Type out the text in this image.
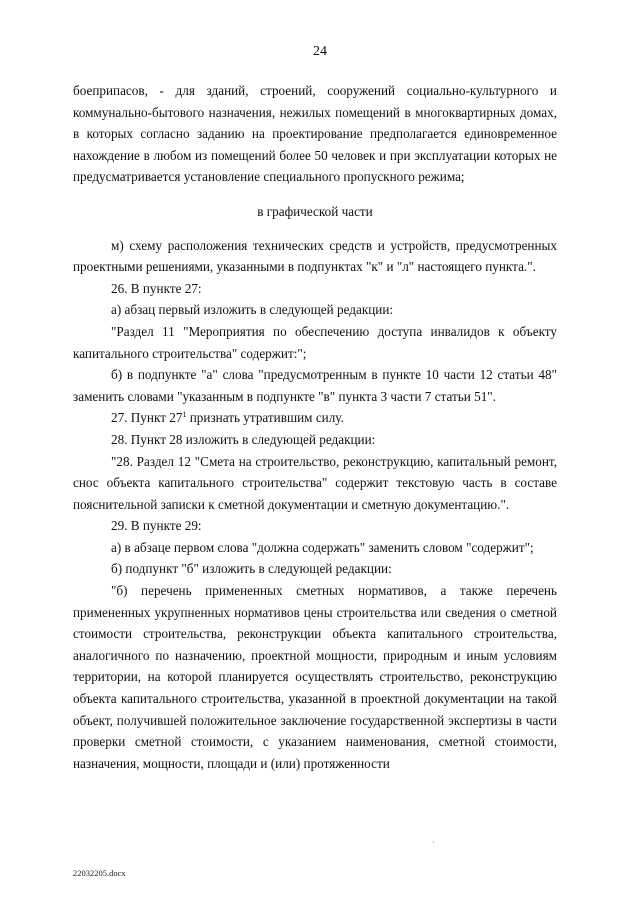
24

боеприпасов, - для зданий, строений, сооружений социально-культурного и коммунально-бытового назначения, нежилых помещений в многоквартирных домах, в которых согласно заданию на проектирование предполагается единовременное нахождение в любом из помещений более 50 человек и при эксплуатации которых не предусматривается установление специального пропускного режима;

в графической части

м) схему расположения технических средств и устройств, предусмотренных проектными решениями, указанными в подпунктах "к" и "л" настоящего пункта.".

26. В пункте 27:

а) абзац первый изложить в следующей редакции:

"Раздел 11 "Мероприятия по обеспечению доступа инвалидов к объекту капитального строительства" содержит:";

б) в подпункте "а" слова "предусмотренным в пункте 10 части 12 статьи 48" заменить словами "указанным в подпункте "в" пункта 3 части 7 статьи 51".

27. Пункт $27^1$ признать утратившим силу.

28. Пункт 28 изложить в следующей редакции:

"28. Раздел 12 "Смета на строительство, реконструкцию, капитальный ремонт, снос объекта капитального строительства" содержит текстовую часть в составе пояснительной записки к сметной документации и сметную документацию.".

29. В пункте 29:

а) в абзаце первом слова "должна содержать" заменить словом "содержит";

б) подпункт "б" изложить в следующей редакции:

"б) перечень примененных сметных нормативов, а также перечень примененных укрупненных нормативов цены строительства или сведения о сметной стоимости строительства, реконструкции объекта капитального строительства, аналогичного по назначению, проектной мощности, природным и иным условиям территории, на которой планируется осуществлять строительство, реконструкцию объекта капитального строительства, указанной в проектной документации на такой объект, получившей положительное заключение государственной экспертизы в части проверки сметной стоимости, с указанием наименования, сметной стоимости, назначения, мощности, площади и (или) протяженности

·
22032205.docx
